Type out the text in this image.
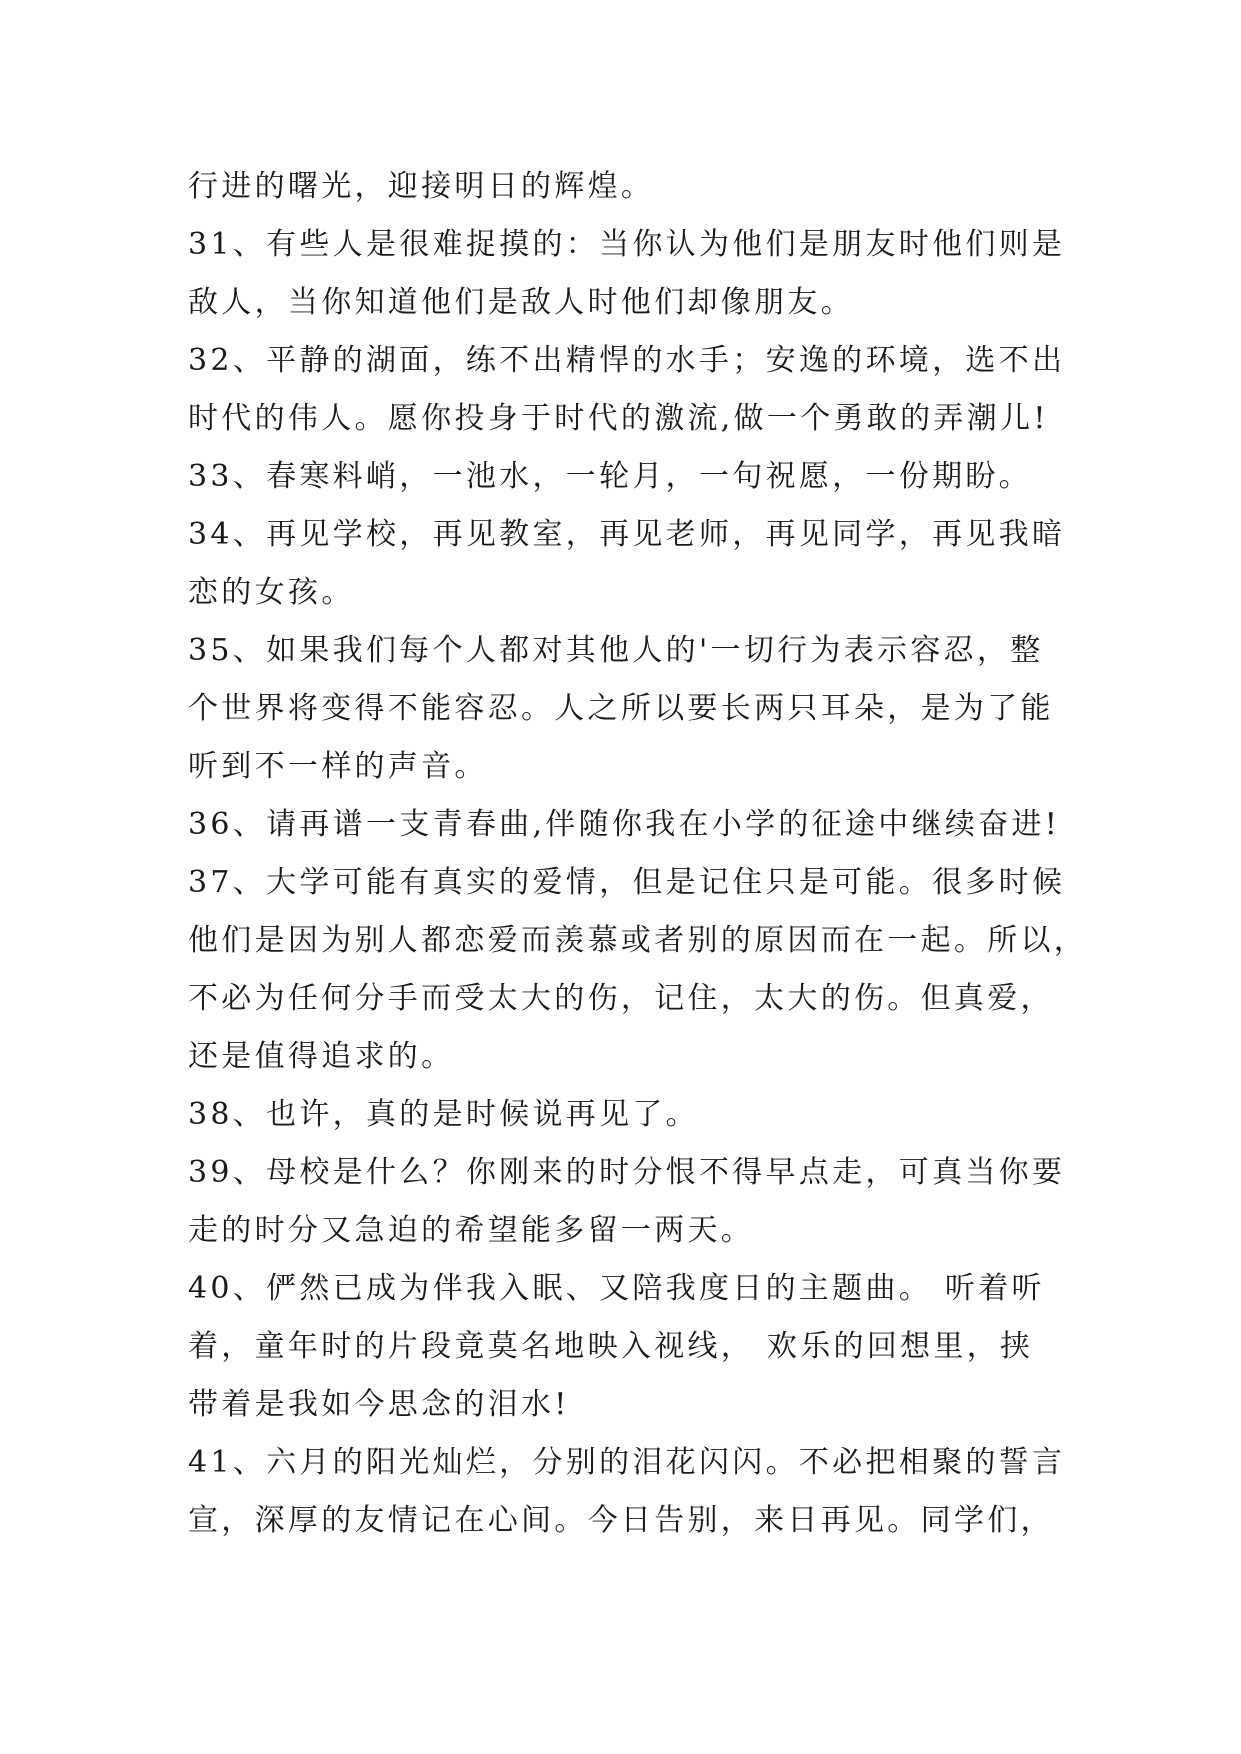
行进的曙光，迎接明日的辉煌。
31、有些人是很难捉摸的：当你认为他们是朋友时他们则是
敌人，当你知道他们是敌人时他们却像朋友。
32、平静的湖面，练不出精悍的水手；安逸的环境，选不出
时代的伟人。愿你投身于时代的激流,做一个勇敢的弄潮儿!
33、春寒料峭，一池水，一轮月，一句祝愿，一份期盼。
34、再见学校，再见教室，再见老师，再见同学，再见我暗
恋的女孩。
35、如果我们每个人都对其他人的'一切行为表示容忍，整
个世界将变得不能容忍。人之所以要长两只耳朵，是为了能
听到不一样的声音。
36、请再谱一支青春曲,伴随你我在小学的征途中继续奋进!
37、大学可能有真实的爱情，但是记住只是可能。很多时候
他们是因为别人都恋爱而羡慕或者别的原因而在一起。所以，
不必为任何分手而受太大的伤，记住，太大的伤。但真爱，
还是值得追求的。
38、也许，真的是时候说再见了。
39、母校是什么？你刚来的时分恨不得早点走，可真当你要
走的时分又急迫的希望能多留一两天。
40、俨然已成为伴我入眠、又陪我度日的主题曲。 听着听
着，童年时的片段竟莫名地映入视线， 欢乐的回想里，挟
带着是我如今思念的泪水!
41、六月的阳光灿烂，分别的泪花闪闪。不必把相聚的誓言
宣，深厚的友情记在心间。今日告别，来日再见。同学们，
